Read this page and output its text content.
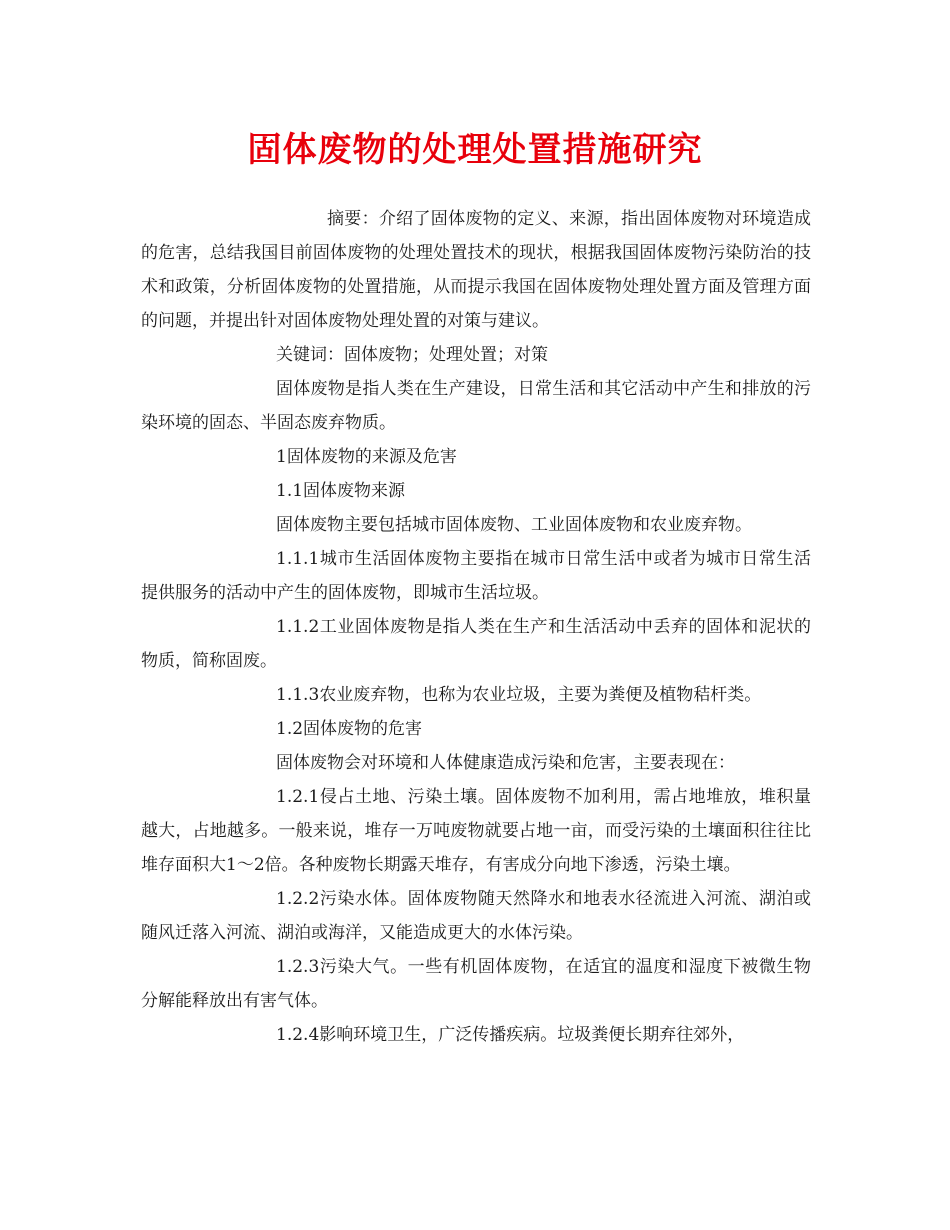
固体废物的处理处置措施研究

摘要：介绍了固体废物的定义、来源，指出固体废物对环境造成的危害，总结我国目前固体废物的处理处置技术的现状，根据我国固体废物污染防治的技术和政策，分析固体废物的处置措施，从而提示我国在固体废物处理处置方面及管理方面的问题，并提出针对固体废物处理处置的对策与建议。

关键词：固体废物；处理处置；对策

固体废物是指人类在生产建设，日常生活和其它活动中产生和排放的污染环境的固态、半固态废弃物质。

1固体废物的来源及危害

1.1固体废物来源

固体废物主要包括城市固体废物、工业固体废物和农业废弃物。

1.1.1城市生活固体废物主要指在城市日常生活中或者为城市日常生活提供服务的活动中产生的固体废物，即城市生活垃圾。

1.1.2工业固体废物是指人类在生产和生活活动中丢弃的固体和泥状的物质，简称固废。

1.1.3农业废弃物，也称为农业垃圾，主要为粪便及植物秸杆类。

1.2固体废物的危害

固体废物会对环境和人体健康造成污染和危害，主要表现在：

1.2.1侵占土地、污染土壤。固体废物不加利用，需占地堆放，堆积量越大，占地越多。一般来说，堆存一万吨废物就要占地一亩，而受污染的土壤面积往往比堆存面积大1～2倍。各种废物长期露天堆存，有害成分向地下渗透，污染土壤。

1.2.2污染水体。固体废物随天然降水和地表水径流进入河流、湖泊或随风迁落入河流、湖泊或海洋，又能造成更大的水体污染。

1.2.3污染大气。一些有机固体废物，在适宜的温度和湿度下被微生物分解能释放出有害气体。

1.2.4影响环境卫生，广泛传播疾病。垃圾粪便长期弃往郊外，
